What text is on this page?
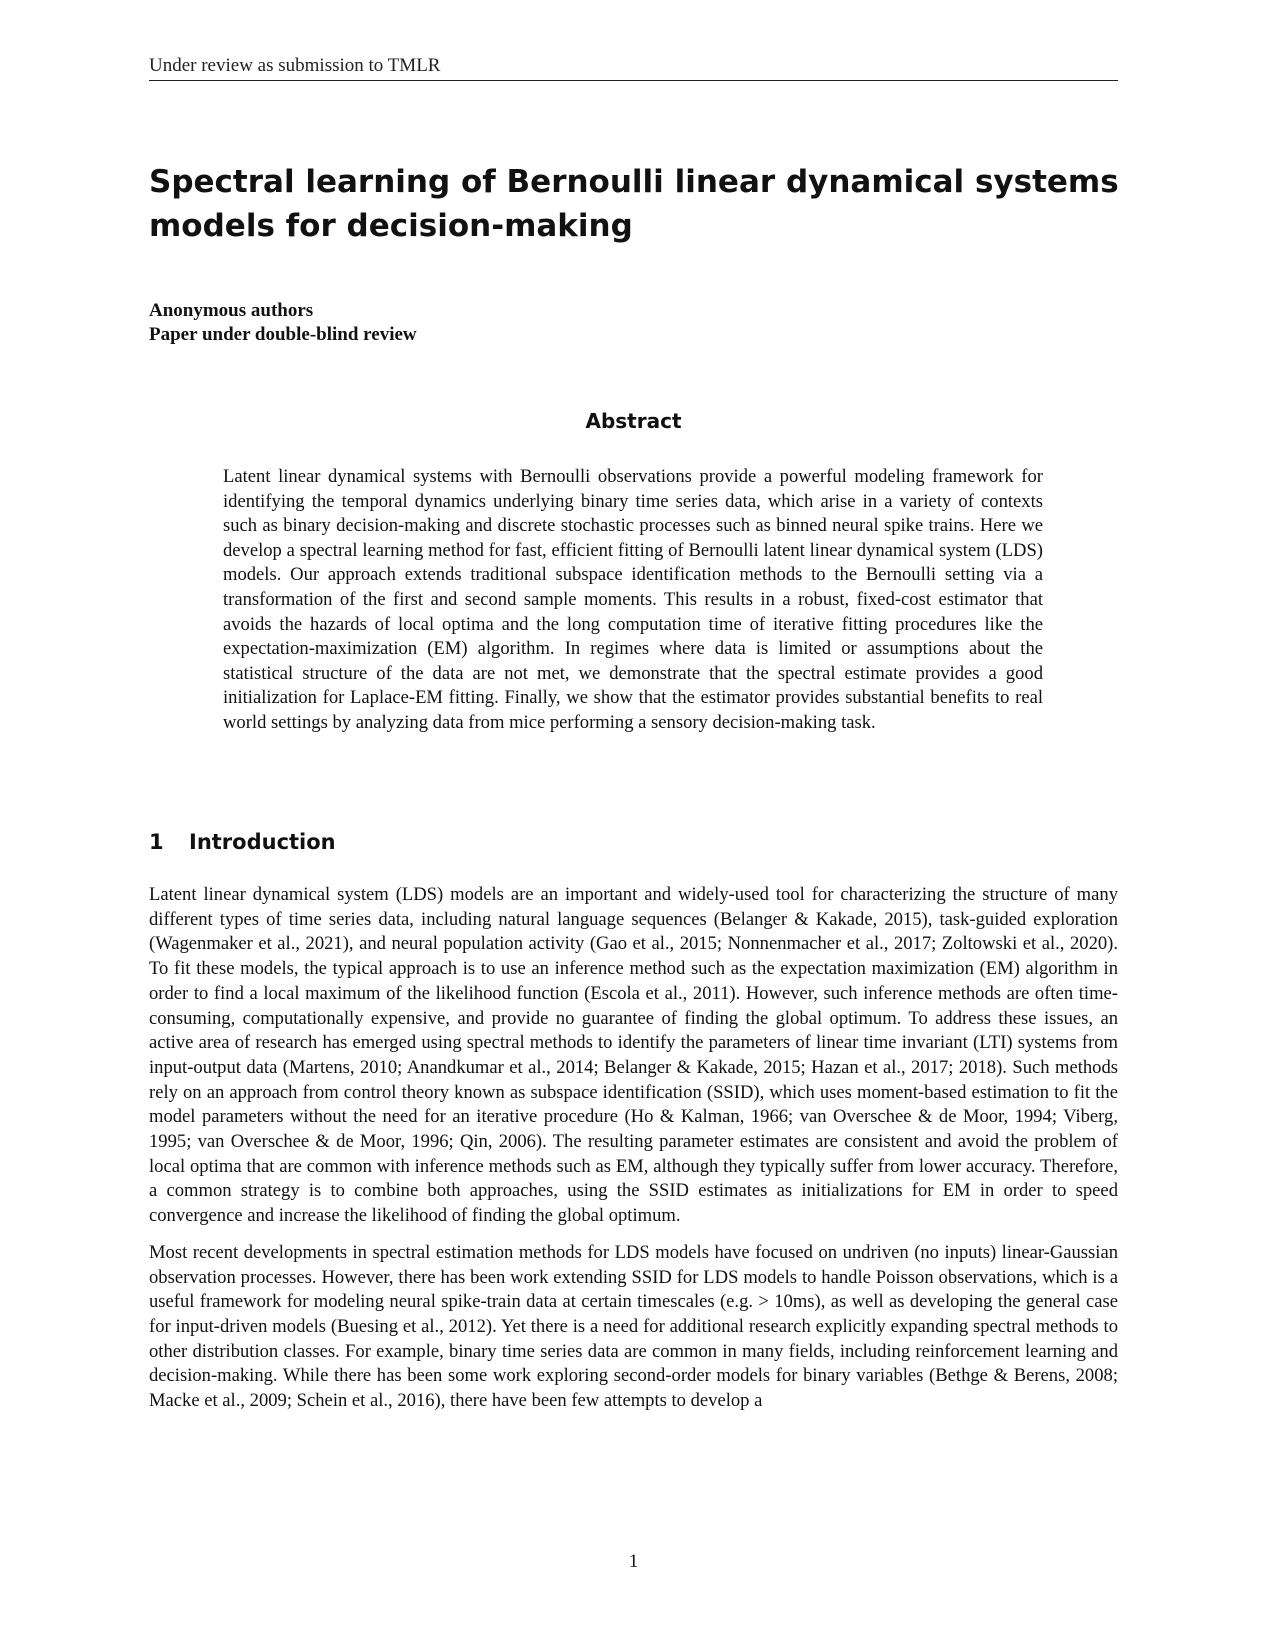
Under review as submission to TMLR
Spectral learning of Bernoulli linear dynamical systems models for decision-making
Anonymous authors
Paper under double-blind review
Abstract

Latent linear dynamical systems with Bernoulli observations provide a powerful modeling framework for identifying the temporal dynamics underlying binary time series data, which arise in a variety of contexts such as binary decision-making and discrete stochastic processes such as binned neural spike trains. Here we develop a spectral learning method for fast, efficient fitting of Bernoulli latent linear dynamical system (LDS) models. Our approach extends traditional subspace identification methods to the Bernoulli setting via a transformation of the first and second sample moments. This results in a robust, fixed-cost estimator that avoids the hazards of local optima and the long computation time of iterative fitting procedures like the expectation-maximization (EM) algorithm. In regimes where data is limited or assumptions about the statistical structure of the data are not met, we demonstrate that the spectral estimate provides a good initialization for Laplace-EM fitting. Finally, we show that the estimator provides substantial benefits to real world settings by analyzing data from mice performing a sensory decision-making task.

1 Introduction

Latent linear dynamical system (LDS) models are an important and widely-used tool for characterizing the structure of many different types of time series data, including natural language sequences (Belanger & Kakade, 2015), task-guided exploration (Wagenmaker et al., 2021), and neural population activity (Gao et al., 2015; Nonnenmacher et al., 2017; Zoltowski et al., 2020). To fit these models, the typical approach is to use an inference method such as the expectation maximization (EM) algorithm in order to find a local maximum of the likelihood function (Escola et al., 2011). However, such inference methods are often time-consuming, computationally expensive, and provide no guarantee of finding the global optimum. To address these issues, an active area of research has emerged using spectral methods to identify the parameters of linear time invariant (LTI) systems from input-output data (Martens, 2010; Anandkumar et al., 2014; Belanger & Kakade, 2015; Hazan et al., 2017; 2018). Such methods rely on an approach from control theory known as subspace identification (SSID), which uses moment-based estimation to fit the model parameters without the need for an iterative procedure (Ho & Kalman, 1966; van Overschee & de Moor, 1994; Viberg, 1995; van Overschee & de Moor, 1996; Qin, 2006). The resulting parameter estimates are consistent and avoid the problem of local optima that are common with inference methods such as EM, although they typically suffer from lower accuracy. Therefore, a common strategy is to combine both approaches, using the SSID estimates as initializations for EM in order to speed convergence and increase the likelihood of finding the global optimum.

Most recent developments in spectral estimation methods for LDS models have focused on undriven (no inputs) linear-Gaussian observation processes. However, there has been work extending SSID for LDS models to handle Poisson observations, which is a useful framework for modeling neural spike-train data at certain timescales (e.g. > 10ms), as well as developing the general case for input-driven models (Buesing et al., 2012). Yet there is a need for additional research explicitly expanding spectral methods to other distribution classes. For example, binary time series data are common in many fields, including reinforcement learning and decision-making. While there has been some work exploring second-order models for binary variables (Bethge & Berens, 2008; Macke et al., 2009; Schein et al., 2016), there have been few attempts to develop a

1
